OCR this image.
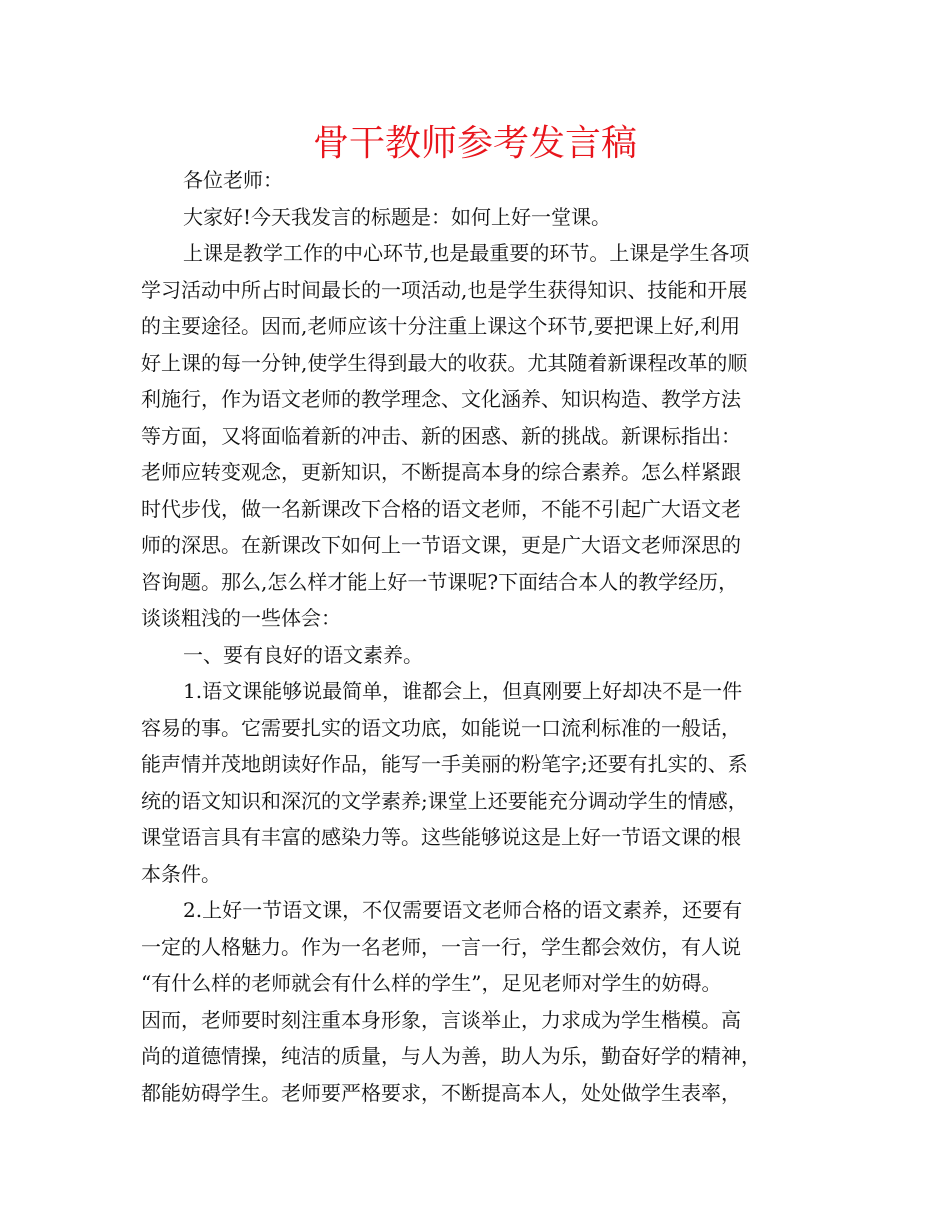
骨干教师参考发言稿
各位老师：
大家好!今天我发言的标题是：如何上好一堂课。
上课是教学工作的中心环节,也是最重要的环节。上课是学生各项
学习活动中所占时间最长的一项活动,也是学生获得知识、技能和开展
的主要途径。因而,老师应该十分注重上课这个环节,要把课上好,利用
好上课的每一分钟,使学生得到最大的收获。尤其随着新课程改革的顺
利施行，作为语文老师的教学理念、文化涵养、知识构造、教学方法
等方面，又将面临着新的冲击、新的困惑、新的挑战。新课标指出：
老师应转变观念，更新知识，不断提高本身的综合素养。怎么样紧跟
时代步伐，做一名新课改下合格的语文老师，不能不引起广大语文老
师的深思。在新课改下如何上一节语文课，更是广大语文老师深思的
咨询题。那么,怎么样才能上好一节课呢?下面结合本人的教学经历，
谈谈粗浅的一些体会：
一、要有良好的语文素养。
1.语文课能够说最简单，谁都会上，但真刚要上好却决不是一件
容易的事。它需要扎实的语文功底，如能说一口流利标准的一般话，
能声情并茂地朗读好作品，能写一手美丽的粉笔字;还要有扎实的、系
统的语文知识和深沉的文学素养;课堂上还要能充分调动学生的情感，
课堂语言具有丰富的感染力等。这些能够说这是上好一节语文课的根
本条件。
2.上好一节语文课，不仅需要语文老师合格的语文素养，还要有
一定的人格魅力。作为一名老师，一言一行，学生都会效仿，有人说
“有什么样的老师就会有什么样的学生”，足见老师对学生的妨碍。
因而，老师要时刻注重本身形象，言谈举止，力求成为学生楷模。高
尚的道德情操，纯洁的质量，与人为善，助人为乐，勤奋好学的精神，
都能妨碍学生。老师要严格要求，不断提高本人，处处做学生表率，
